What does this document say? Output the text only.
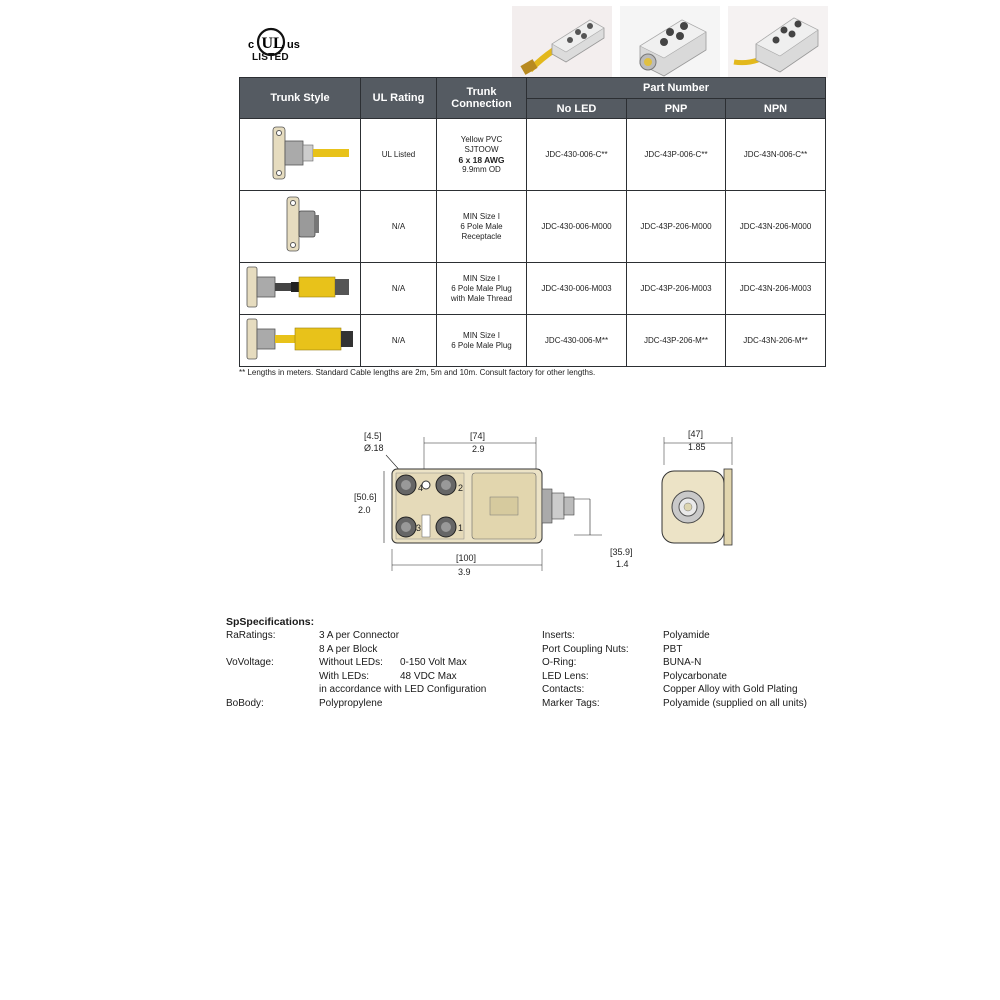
c UL us
LISTED
Trunk Style	UL Rating	Trunk Connection	Part Number		
			No LED	PNP	NPN
	UL Listed	Yellow PVC
SJTOOW
6 x 18 AWG
9.9mm OD	JDC-430-006-C**	JDC-43P-006-C**	JDC-43N-006-C**
	N/A	MIN Size I
6 Pole Male
Receptacle	JDC-430-006-M000	JDC-43P-206-M000	JDC-43N-206-M000
	N/A	MIN Size I
6 Pole Male Plug
with Male Thread	JDC-430-006-M003	JDC-43P-206-M003	JDC-43N-206-M003
	N/A	MIN Size I
6 Pole Male Plug	JDC-430-006-M**	JDC-43P-206-M**	JDC-43N-206-M**
** Lengths in meters. Standard Cable lengths are 2m, 5m and 10m. Consult factory for other lengths.
[4.5]
Ø.18
[74]
2.9
[50.6]
2.0
4	2
3	1
[100]
3.9
[35.9]
1.4
[47]
1.85
SpSpecifications:
RaRatings:	3 A per Connector
8 A per Block
VoVoltage:	Without LEDs: 0-150 Volt Max
With LEDs:	48 VDC Max
in accordance with LED Configuration
BoBody:	Polypropylene
Inserts:	Polyamide
Port Coupling Nuts:	PBT
O-Ring:	BUNA-N
LED Lens:	Polycarbonate
Contacts:	Copper Alloy with Gold Plating
Marker Tags:	Polyamide (supplied on all units)
